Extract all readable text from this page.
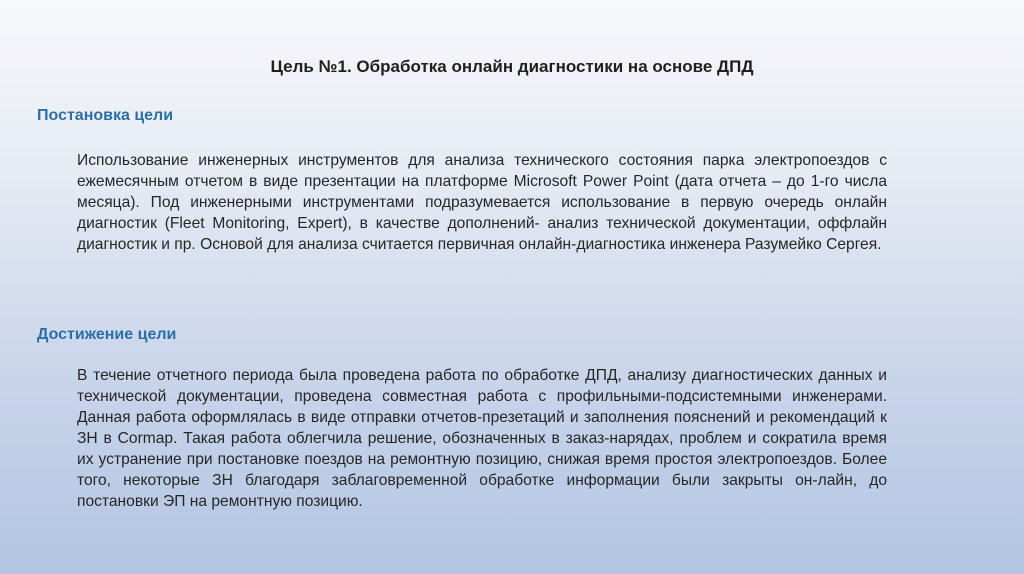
Цель №1. Обработка онлайн диагностики на основе ДПД
Постановка цели

Использование инженерных инструментов для анализа технического состояния парка электропоездов с ежемесячным отчетом в виде презентации на платформе Microsoft Power Point (дата отчета – до 1-го числа месяца). Под инженерными инструментами подразумевается использование в первую очередь онлайн диагностик (Fleet Monitoring, Expert), в качестве дополнений- анализ технической документации, оффлайн диагностик и пр. Основой для анализа считается первичная онлайн-диагностика инженера Разумейко Сергея.

Достижение цели

В течение отчетного периода была проведена работа по обработке ДПД, анализу диагностических данных и технической документации, проведена совместная работа с профильными-подсистемными инженерами. Данная работа оформлялась в виде отправки отчетов-презетаций и заполнения пояснений и рекомендаций к ЗН в Cormap. Такая работа облегчила решение, обозначенных в заказ-нарядах, проблем и сократила время их устранение при постановке поездов на ремонтную позицию, снижая время простоя электропоездов. Более того, некоторые ЗН благодаря заблаговременной обработке информации были закрыты он-лайн, до постановки ЭП на ремонтную позицию.
